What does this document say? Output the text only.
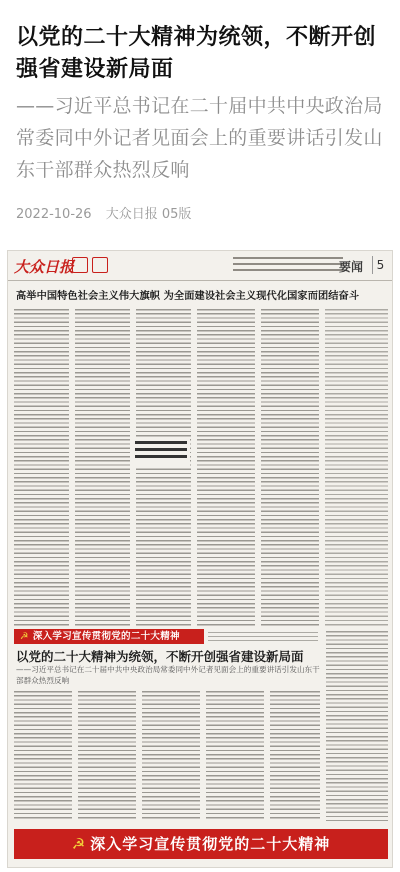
以党的二十大精神为统领，不断开创强省建设新局面
——习近平总书记在二十届中共中央政治局常委同中外记者见面会上的重要讲话引发山东干部群众热烈反响
2022-10-26 大众日报 05版
大众日报	要闻	5
高举中国特色社会主义伟大旗帜 为全面建设社会主义现代化国家而团结奋斗
☭ 深入学习宣传贯彻党的二十大精神
以党的二十大精神为统领，不断开创强省建设新局面
——习近平总书记在二十届中共中央政治局常委同中外记者见面会上的重要讲话引发山东干部群众热烈反响
☭ 深入学习宣传贯彻党的二十大精神
